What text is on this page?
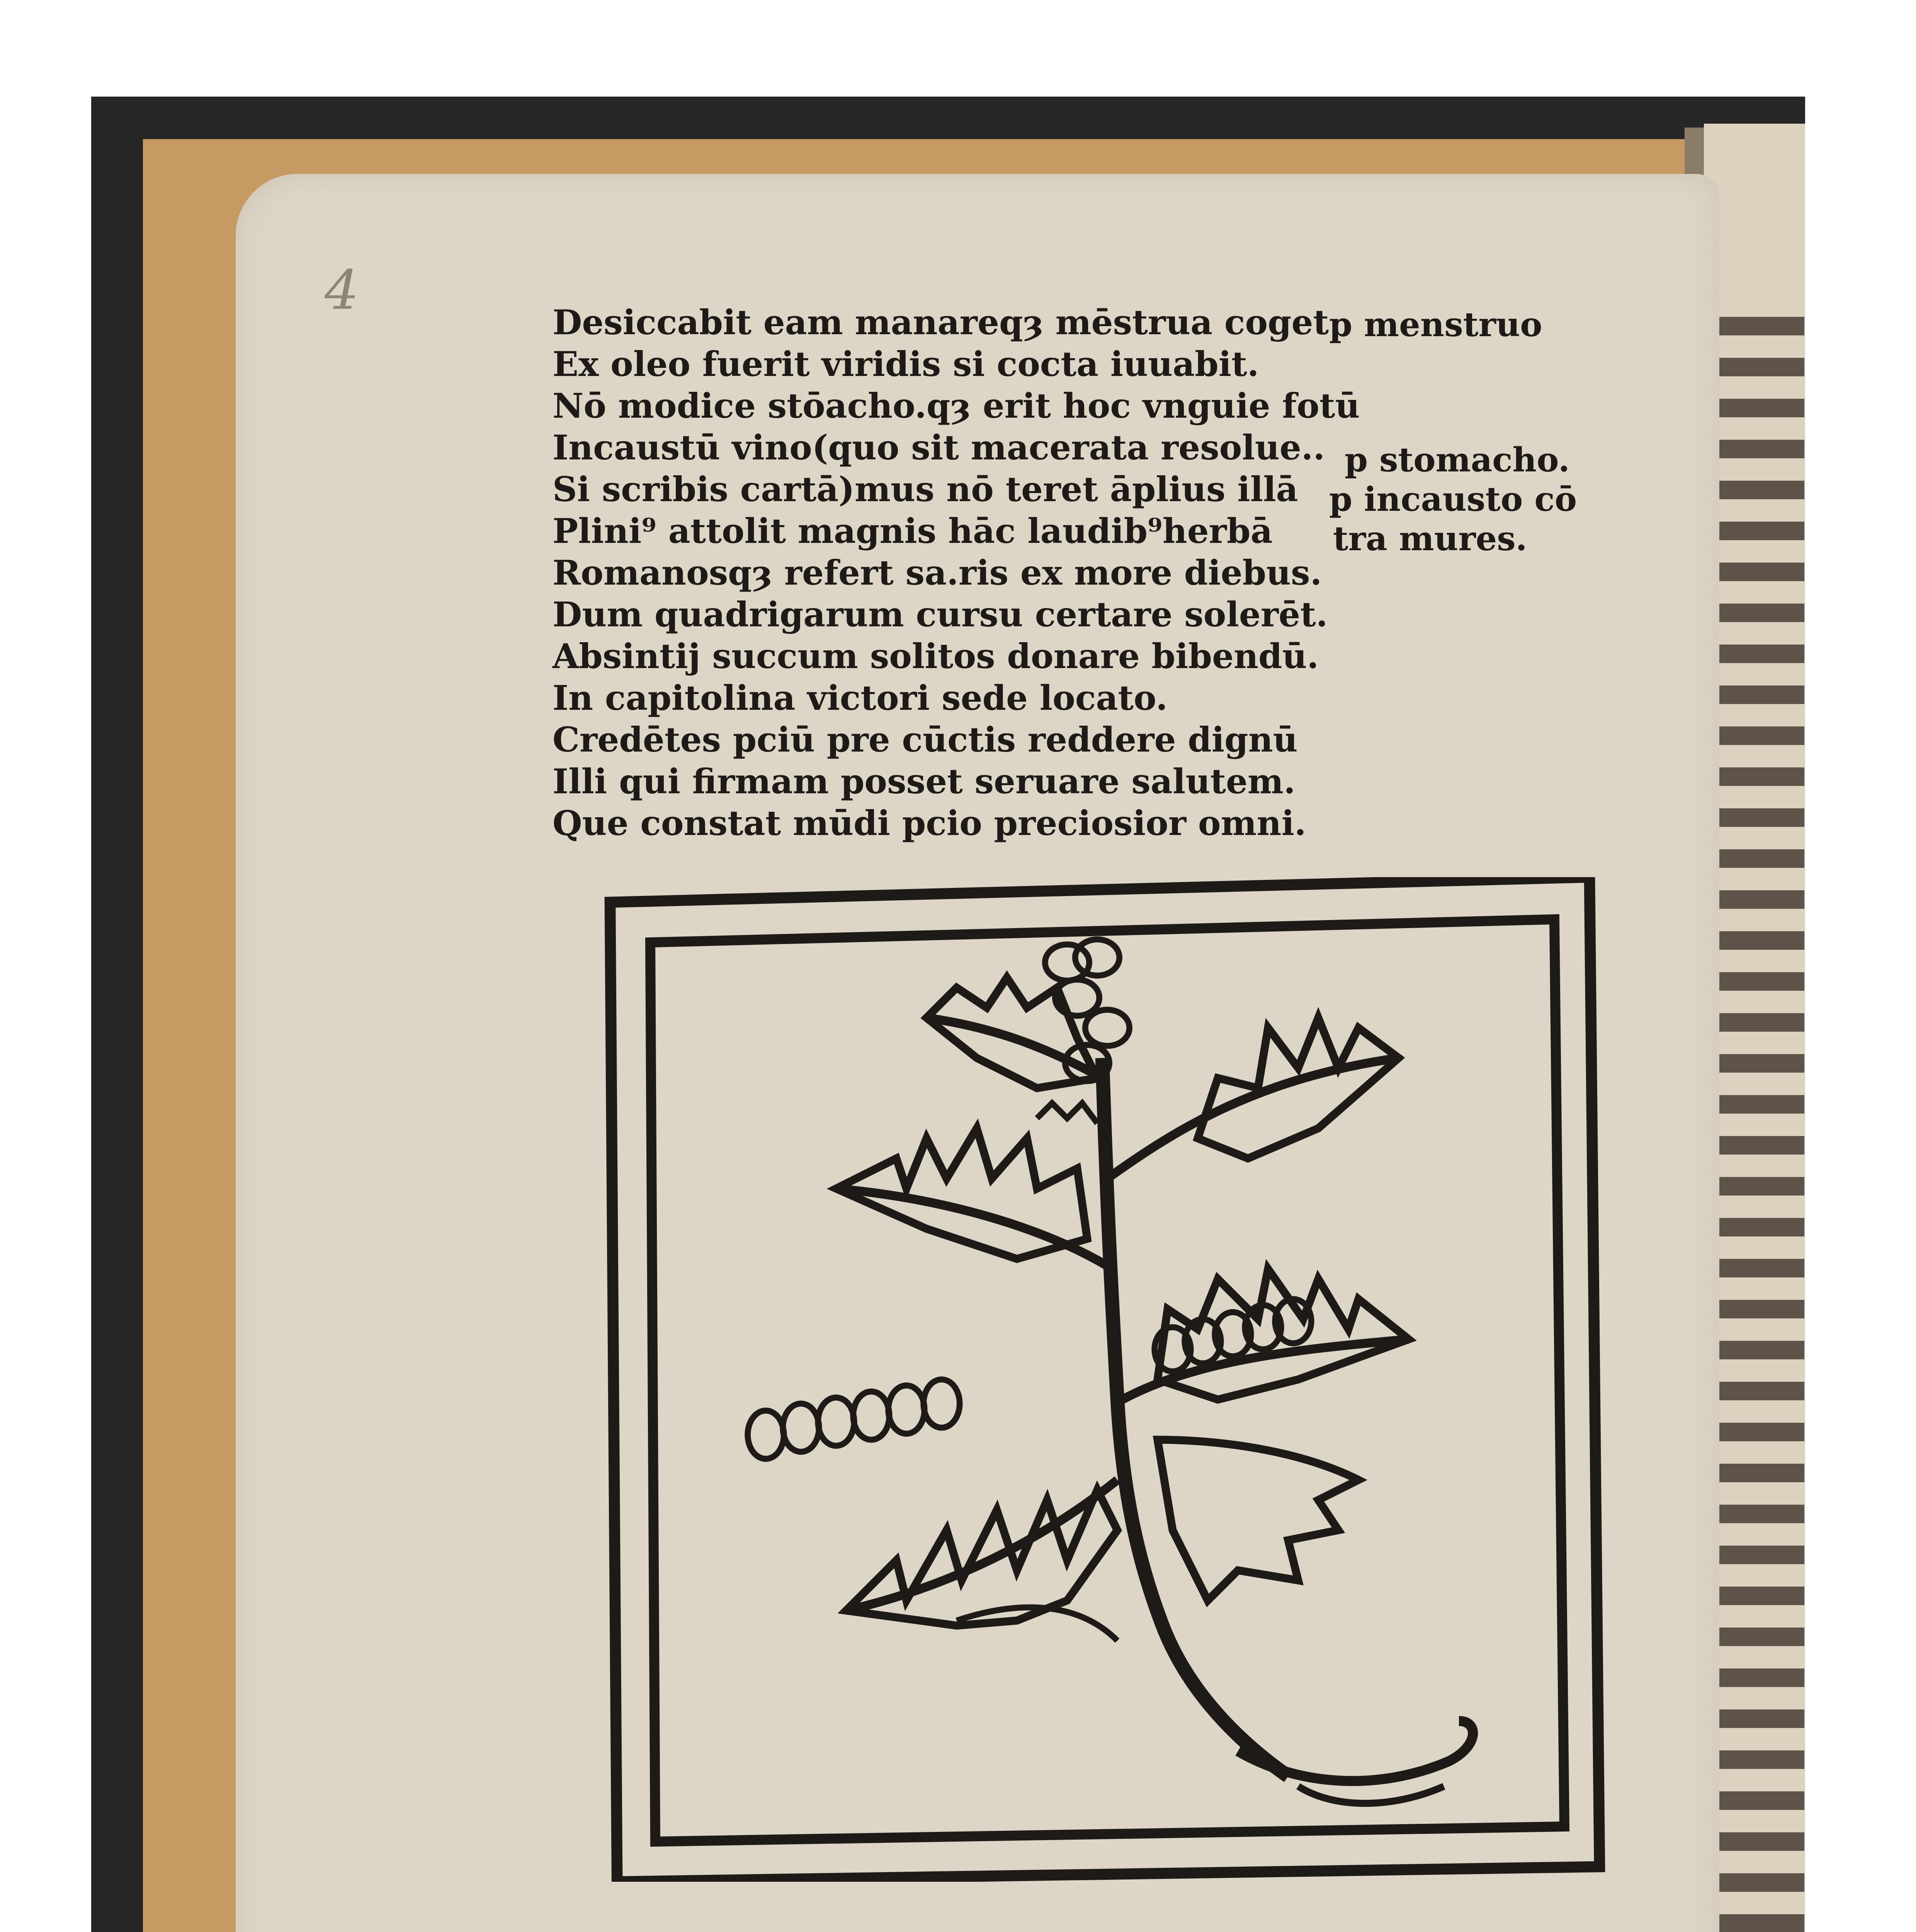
4
Desiccabit eam manareqȝ mēstrua coget
Ex oleo fuerit viridis si cocta iuuabit.
Nō modice stōacho.qȝ erit hoc vnguie fotū
Incaustū vino(quo sit macerata resolue..
Si scribis cartā)mus nō teret āplius illā
Plini⁹ attolit magnis hāc laudib⁹herbā
Romanosqȝ refert sa.ris ex more diebus.
Dum quadrigarum cursu certare solerēt.
Absintij succum solitos donare bibendū.
In capitolina victori sede locato.
Credētes pciū pre cūctis reddere dignū
Illi qui firmam posset seruare salutem.
Que constat mūdi pcio preciosior omni.
p menstruo
p stomacho.
p incausto cō
tra mures.
